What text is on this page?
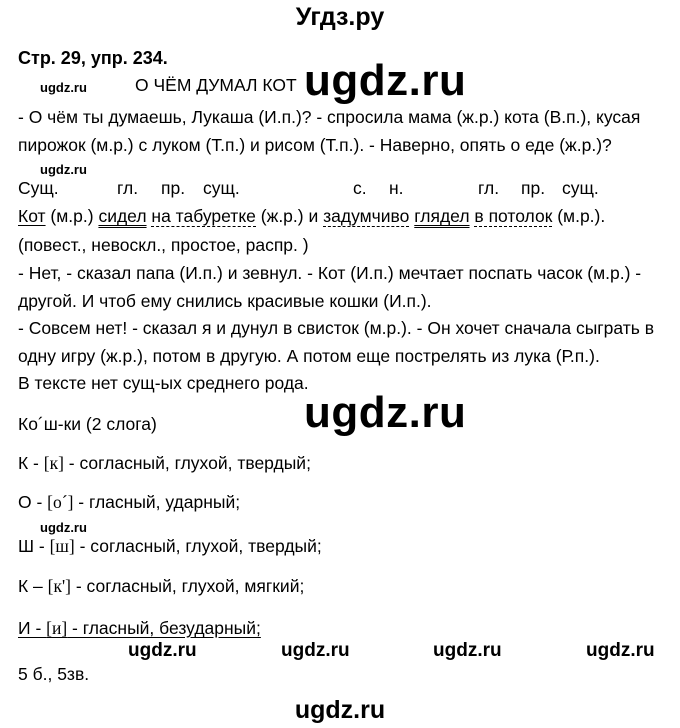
Угдз.ру
Стр. 29, упр. 234.
О ЧЁМ ДУМАЛ КОТ ugdz.ru
ugdz.ru
- О чём ты думаешь, Лукаша (И.п.)? - спросила мама (ж.р.) кота (В.п.), кусая
пирожок (м.р.) с луком (Т.п.) и рисом (Т.п.). - Наверно, опять о еде (ж.р.)?
ugdz.ru
Сущ.	гл. пр. сущ.	с. н.	гл. пр. сущ.
Кот (м.р.) сидел на табуретке (ж.р.) и задумчиво глядел в потолок (м.р.).
(повест., невоскл., простое, распр. )
- Нет, - сказал папа (И.п.) и зевнул. - Кот (И.п.) мечтает поспать часок (м.р.) -
другой. И чтоб ему снились красивые кошки (И.п.).
- Совсем нет! - сказал я и дунул в свисток (м.р.). - Он хочет сначала сыграть в
одну игру (ж.р.), потом в другую. А потом еще пострелять из лука (Р.п.).
В тексте нет сущ-ых среднего рода.
ugdz.ru
Ко´ш-ки (2 слога)
К - [к] - согласный, глухой, твердый;
О - [о´] - гласный, ударный;
ugdz.ru
Ш - [ш] - согласный, глухой, твердый;
К – [к'] - согласный, глухой, мягкий;
И - [и] - гласный, безударный;
ugdz.ru	ugdz.ru	ugdz.ru	ugdz.ru
5 б., 5зв.
ugdz.ru
